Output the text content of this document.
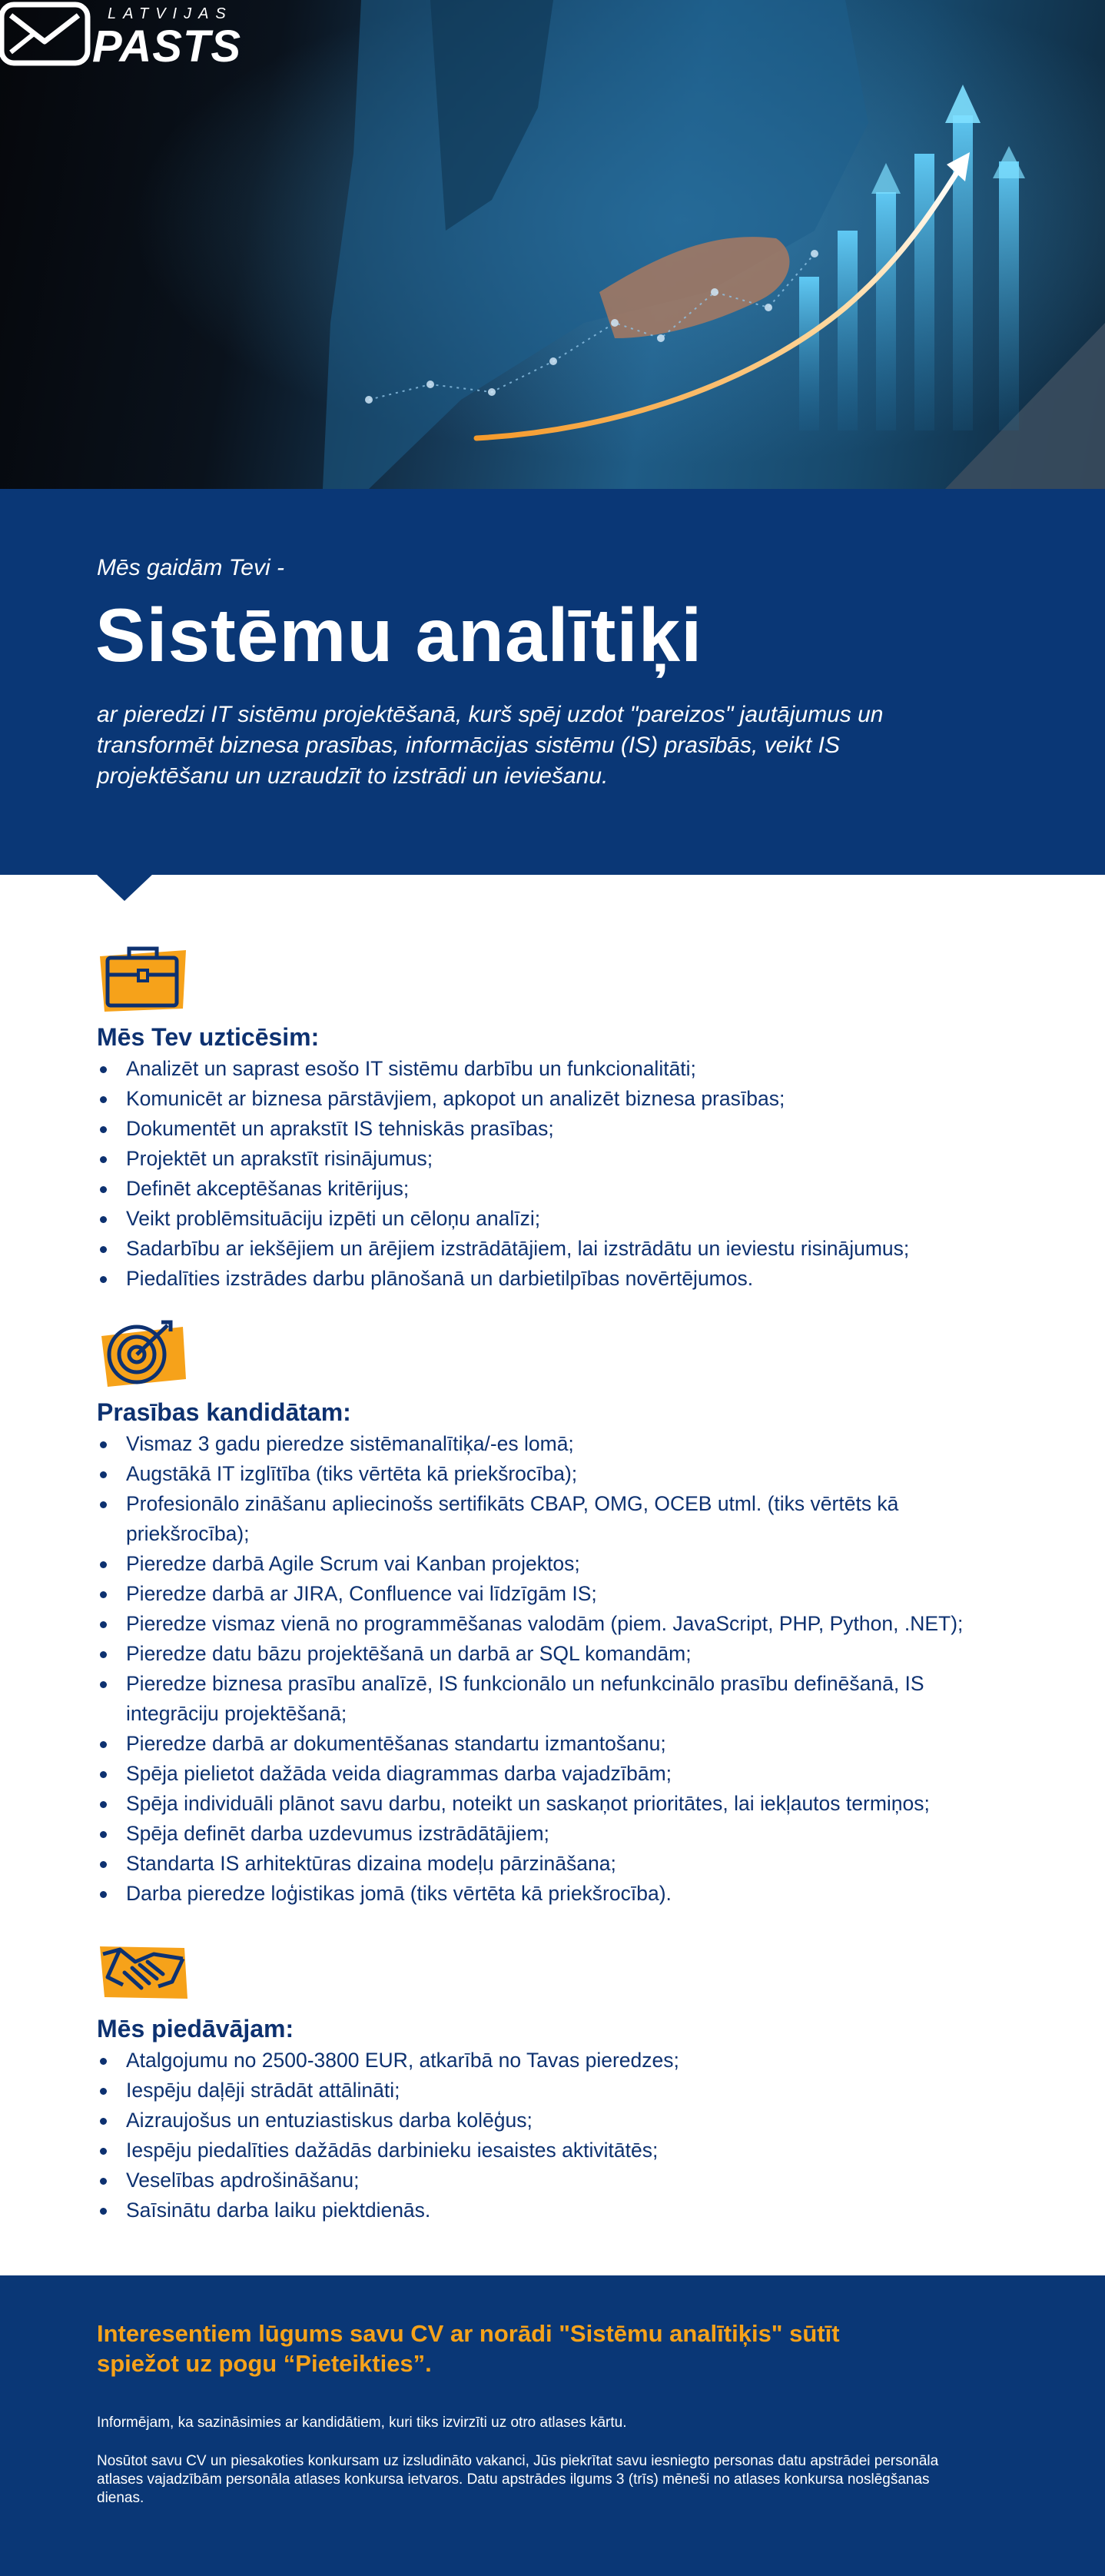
LATVIJAS
PASTS
Mēs gaidām Tevi -
Sistēmu analītiķi
ar pieredzi IT sistēmu projektēšanā, kurš spēj uzdot "pareizos" jautājumus un transformēt biznesa prasības, informācijas sistēmu (IS) prasībās, veikt IS projektēšanu un uzraudzīt to izstrādi un ieviešanu.
Mēs Tev uzticēsim:
Analizēt un saprast esošo IT sistēmu darbību un funkcionalitāti;
Komunicēt ar biznesa pārstāvjiem, apkopot un analizēt biznesa prasības;
Dokumentēt un aprakstīt IS tehniskās prasības;
Projektēt un aprakstīt risinājumus;
Definēt akceptēšanas kritērijus;
Veikt problēmsituāciju izpēti un cēloņu analīzi;
Sadarbību ar iekšējiem un ārējiem izstrādātājiem, lai izstrādātu un ieviestu risinājumus;
Piedalīties izstrādes darbu plānošanā un darbietilpības novērtējumos.
Prasības kandidātam:
Vismaz 3 gadu pieredze sistēmanalītiķa/-es lomā;
Augstākā IT izglītība (tiks vērtēta kā priekšrocība);
Profesionālo zināšanu apliecinošs sertifikāts CBAP, OMG, OCEB utml. (tiks vērtēts kā priekšrocība);
Pieredze darbā Agile Scrum vai Kanban projektos;
Pieredze darbā ar JIRA, Confluence vai līdzīgām IS;
Pieredze vismaz vienā no programmēšanas valodām (piem. JavaScript, PHP, Python, .NET);
Pieredze datu bāzu projektēšanā un darbā ar SQL komandām;
Pieredze biznesa prasību analīzē, IS funkcionālo un nefunkcinālo prasību definēšanā, IS integrāciju projektēšanā;
Pieredze darbā ar dokumentēšanas standartu izmantošanu;
Spēja pielietot dažāda veida diagrammas darba vajadzībām;
Spēja individuāli plānot savu darbu, noteikt un saskaņot prioritātes, lai iekļautos termiņos;
Spēja definēt darba uzdevumus izstrādātājiem;
Standarta IS arhitektūras dizaina modeļu pārzināšana;
Darba pieredze loģistikas jomā (tiks vērtēta kā priekšrocība).
Mēs piedāvājam:
Atalgojumu no 2500-3800 EUR, atkarībā no Tavas pieredzes;
Iespēju daļēji strādāt attālināti;
Aizraujošus un entuziastiskus darba kolēģus;
Iespēju piedalīties dažādās darbinieku iesaistes aktivitātēs;
Veselības apdrošināšanu;
Saīsinātu darba laiku piektdienās.
Interesentiem lūgums savu CV ar norādi "Sistēmu analītiķis" sūtīt spiežot uz pogu “Pieteikties”.
Informējam, ka sazināsimies ar kandidātiem, kuri tiks izvirzīti uz otro atlases kārtu.
Nosūtot savu CV un piesakoties konkursam uz izsludināto vakanci, Jūs piekrītat savu iesniegto personas datu apstrādei personāla atlases vajadzībām personāla atlases konkursa ietvaros. Datu apstrādes ilgums 3 (trīs) mēneši no atlases konkursa noslēgšanas dienas.
